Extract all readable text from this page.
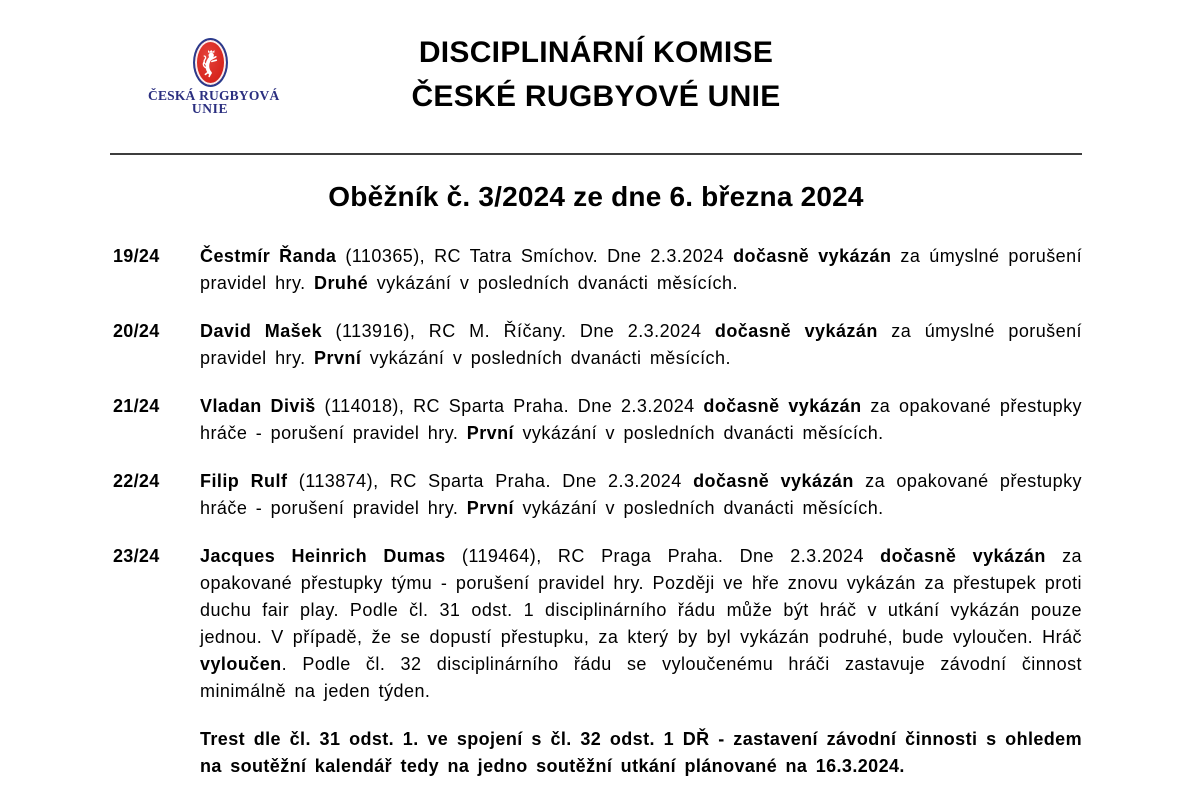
ČESKÁ RUGBYOVÁ
UNIE
DISCIPLINÁRNÍ KOMISE
ČESKÉ RUGBYOVÉ UNIE
Oběžník č. 3/2024 ze dne 6. března 2024
19/24	Čestmír Řanda (110365), RC Tatra Smíchov. Dne 2.3.2024 dočasně vykázán za úmyslné porušení pravidel hry. Druhé vykázání v posledních dvanácti měsících.

20/24	David Mašek (113916), RC M. Říčany. Dne 2.3.2024 dočasně vykázán za úmyslné porušení pravidel hry. První vykázání v posledních dvanácti měsících.

21/24	Vladan Diviš (114018), RC Sparta Praha. Dne 2.3.2024 dočasně vykázán za opakované přestupky hráče - porušení pravidel hry. První vykázání v posledních dvanácti měsících.

22/24	Filip Rulf (113874), RC Sparta Praha. Dne 2.3.2024 dočasně vykázán za opakované přestupky hráče - porušení pravidel hry. První vykázání v posledních dvanácti měsících.

23/24	Jacques Heinrich Dumas (119464), RC Praga Praha. Dne 2.3.2024 dočasně vykázán za opakované přestupky týmu - porušení pravidel hry. Později ve hře znovu vykázán za přestupek proti duchu fair play. Podle čl. 31 odst. 1 disciplinárního řádu může být hráč v utkání vykázán pouze jednou. V případě, že se dopustí přestupku, za který by byl vykázán podruhé, bude vyloučen. Hráč vyloučen. Podle čl. 32 disciplinárního řádu se vyloučenému hráči zastavuje závodní činnost minimálně na jeden týden.

Trest dle čl. 31 odst. 1. ve spojení s čl. 32 odst. 1 DŘ - zastavení závodní činnosti s ohledem na soutěžní kalendář tedy na jedno soutěžní utkání plánované na 16.3.2024.
